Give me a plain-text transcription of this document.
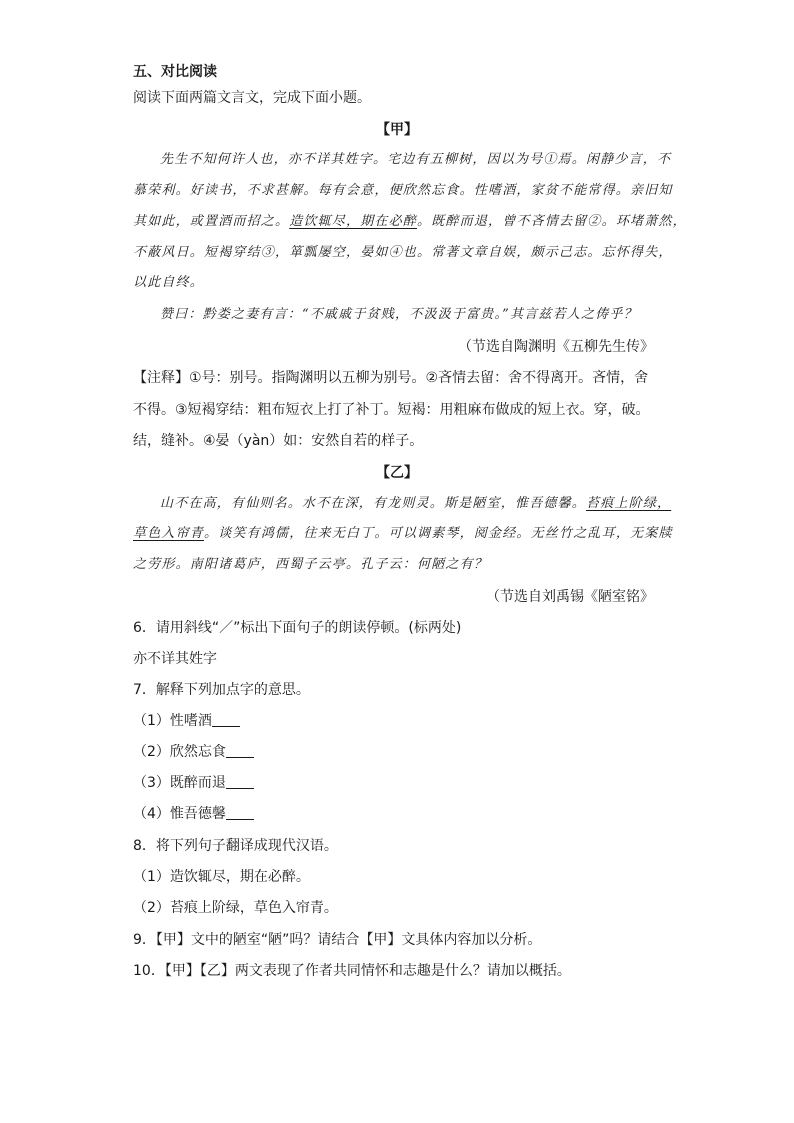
五、对比阅读
阅读下面两篇文言文，完成下面小题。
【甲】
先生不知何许人也，亦不详其姓字。宅边有五柳树，因以为号①焉。闲静少言，不
慕荣利。好读书，不求甚解。每有会意，便欣然忘食。性嗜酒，家贫不能常得。亲旧知
其如此，或置酒而招之。造饮辄尽，期在必醉。既醉而退，曾不吝情去留②。环堵萧然，
不蔽风日。短褐穿结③，箪瓢屡空，晏如④也。常著文章自娱，颇示己志。忘怀得失，
以此自终。
赞曰：黔娄之妻有言：“不戚戚于贫贱，不汲汲于富贵。”其言兹若人之俦乎？
（节选自陶渊明《五柳先生传》
【注释】①号：别号。指陶渊明以五柳为别号。②吝情去留：舍不得离开。吝情，舍
不得。③短褐穿结：粗布短衣上打了补丁。短褐：用粗麻布做成的短上衣。穿，破。
结，缝补。④晏（yàn）如：安然自若的样子。
【乙】
山不在高，有仙则名。水不在深，有龙则灵。斯是陋室，惟吾德馨。苔痕上阶绿，
草色入帘青。谈笑有鸿儒，往来无白丁。可以调素琴，阅金经。无丝竹之乱耳，无案牍
之劳形。南阳诸葛庐，西蜀子云亭。孔子云：何陋之有？
（节选自刘禹锡《陋室铭》
6．请用斜线“／”标出下面句子的朗读停顿。(标两处)
亦不详其姓字
7．解释下列加点字的意思。
（1）性嗜酒
（2）欣然忘食
（3）既醉而退
（4）惟吾德馨
8．将下列句子翻译成现代汉语。
（1）造饮辄尽，期在必醉。
（2）苔痕上阶绿，草色入帘青。
9．【甲】文中的陋室“陋”吗？请结合【甲】文具体内容加以分析。
10．【甲】【乙】两文表现了作者共同情怀和志趣是什么？请加以概括。
